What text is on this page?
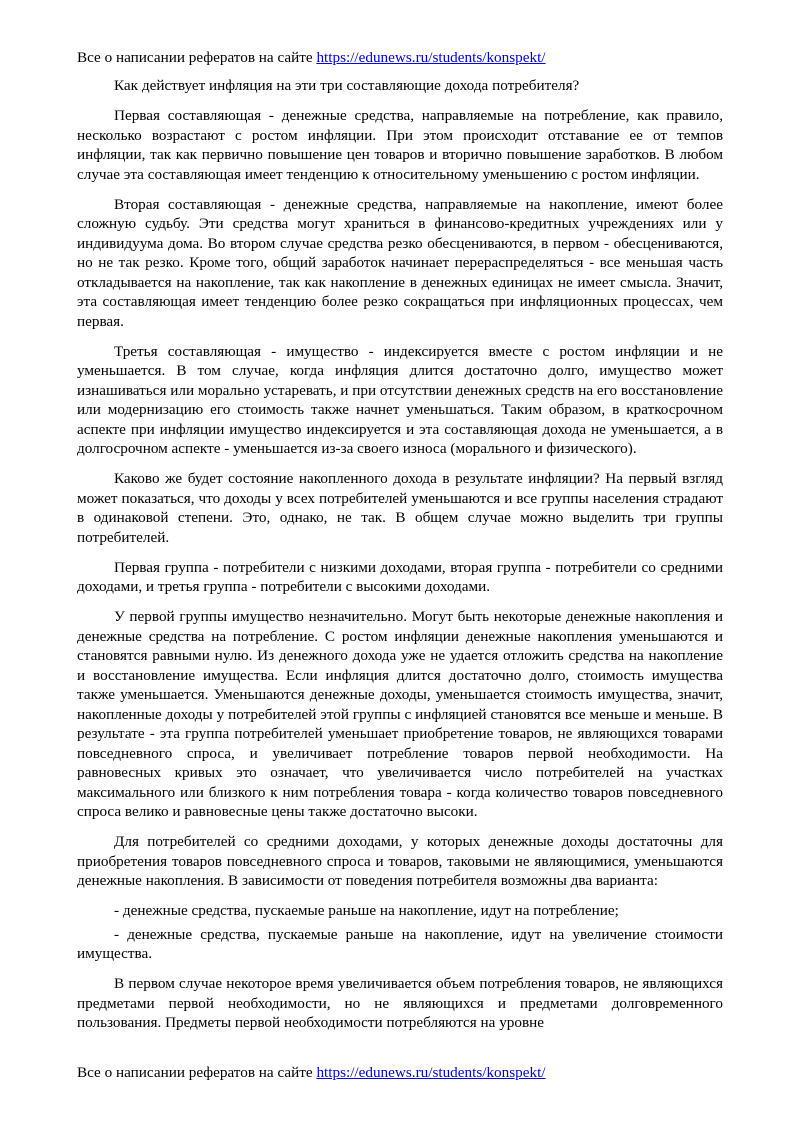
Все о написании рефератов на сайте https://edunews.ru/students/konspekt/

Как действует инфляция на эти три составляющие дохода потребителя?

Первая составляющая - денежные средства, направляемые на потребление, как правило, несколько возрастают с ростом инфляции. При этом происходит отставание ее от темпов инфляции, так как первично повышение цен товаров и вторично повышение заработков. В любом случае эта составляющая имеет тенденцию к относительному уменьшению с ростом инфляции.

Вторая составляющая - денежные средства, направляемые на накопление, имеют более сложную судьбу. Эти средства могут храниться в финансово-кредитных учреждениях или у индивидуума дома. Во втором случае средства резко обесцениваются, в первом - обесцениваются, но не так резко. Кроме того, общий заработок начинает перераспределяться - все меньшая часть откладывается на накопление, так как накопление в денежных единицах не имеет смысла. Значит, эта составляющая имеет тенденцию более резко сокращаться при инфляционных процессах, чем первая.

Третья составляющая - имущество - индексируется вместе с ростом инфляции и не уменьшается. В том случае, когда инфляция длится достаточно долго, имущество может изнашиваться или морально устаревать, и при отсутствии денежных средств на его восстановление или модернизацию его стоимость также начнет уменьшаться. Таким образом, в краткосрочном аспекте при инфляции имущество индексируется и эта составляющая дохода не уменьшается, а в долгосрочном аспекте - уменьшается из-за своего износа (морального и физического).

Каково же будет состояние накопленного дохода в результате инфляции? На первый взгляд может показаться, что доходы у всех потребителей уменьшаются и все группы населения страдают в одинаковой степени. Это, однако, не так. В общем случае можно выделить три группы потребителей.

Первая группа - потребители с низкими доходами, вторая группа - потребители со средними доходами, и третья группа - потребители с высокими доходами.

У первой группы имущество незначительно. Могут быть некоторые денежные накопления и денежные средства на потребление. С ростом инфляции денежные накопления уменьшаются и становятся равными нулю. Из денежного дохода уже не удается отложить средства на накопление и восстановление имущества. Если инфляция длится достаточно долго, стоимость имущества также уменьшается. Уменьшаются денежные доходы, уменьшается стоимость имущества, значит, накопленные доходы у потребителей этой группы с инфляцией становятся все меньше и меньше. В результате - эта группа потребителей уменьшает приобретение товаров, не являющихся товарами повседневного спроса, и увеличивает потребление товаров первой необходимости. На равновесных кривых это означает, что увеличивается число потребителей на участках максимального или близкого к ним потребления товара - когда количество товаров повседневного спроса велико и равновесные цены также достаточно высоки.

Для потребителей со средними доходами, у которых денежные доходы достаточны для приобретения товаров повседневного спроса и товаров, таковыми не являющимися, уменьшаются денежные накопления. В зависимости от поведения потребителя возможны два варианта:

- денежные средства, пускаемые раньше на накопление, идут на потребление;

- денежные средства, пускаемые раньше на накопление, идут на увеличение стоимости имущества.

В первом случае некоторое время увеличивается объем потребления товаров, не являющихся предметами первой необходимости, но не являющихся и предметами долговременного пользования. Предметы первой необходимости потребляются на уровне

Все о написании рефератов на сайте https://edunews.ru/students/konspekt/
